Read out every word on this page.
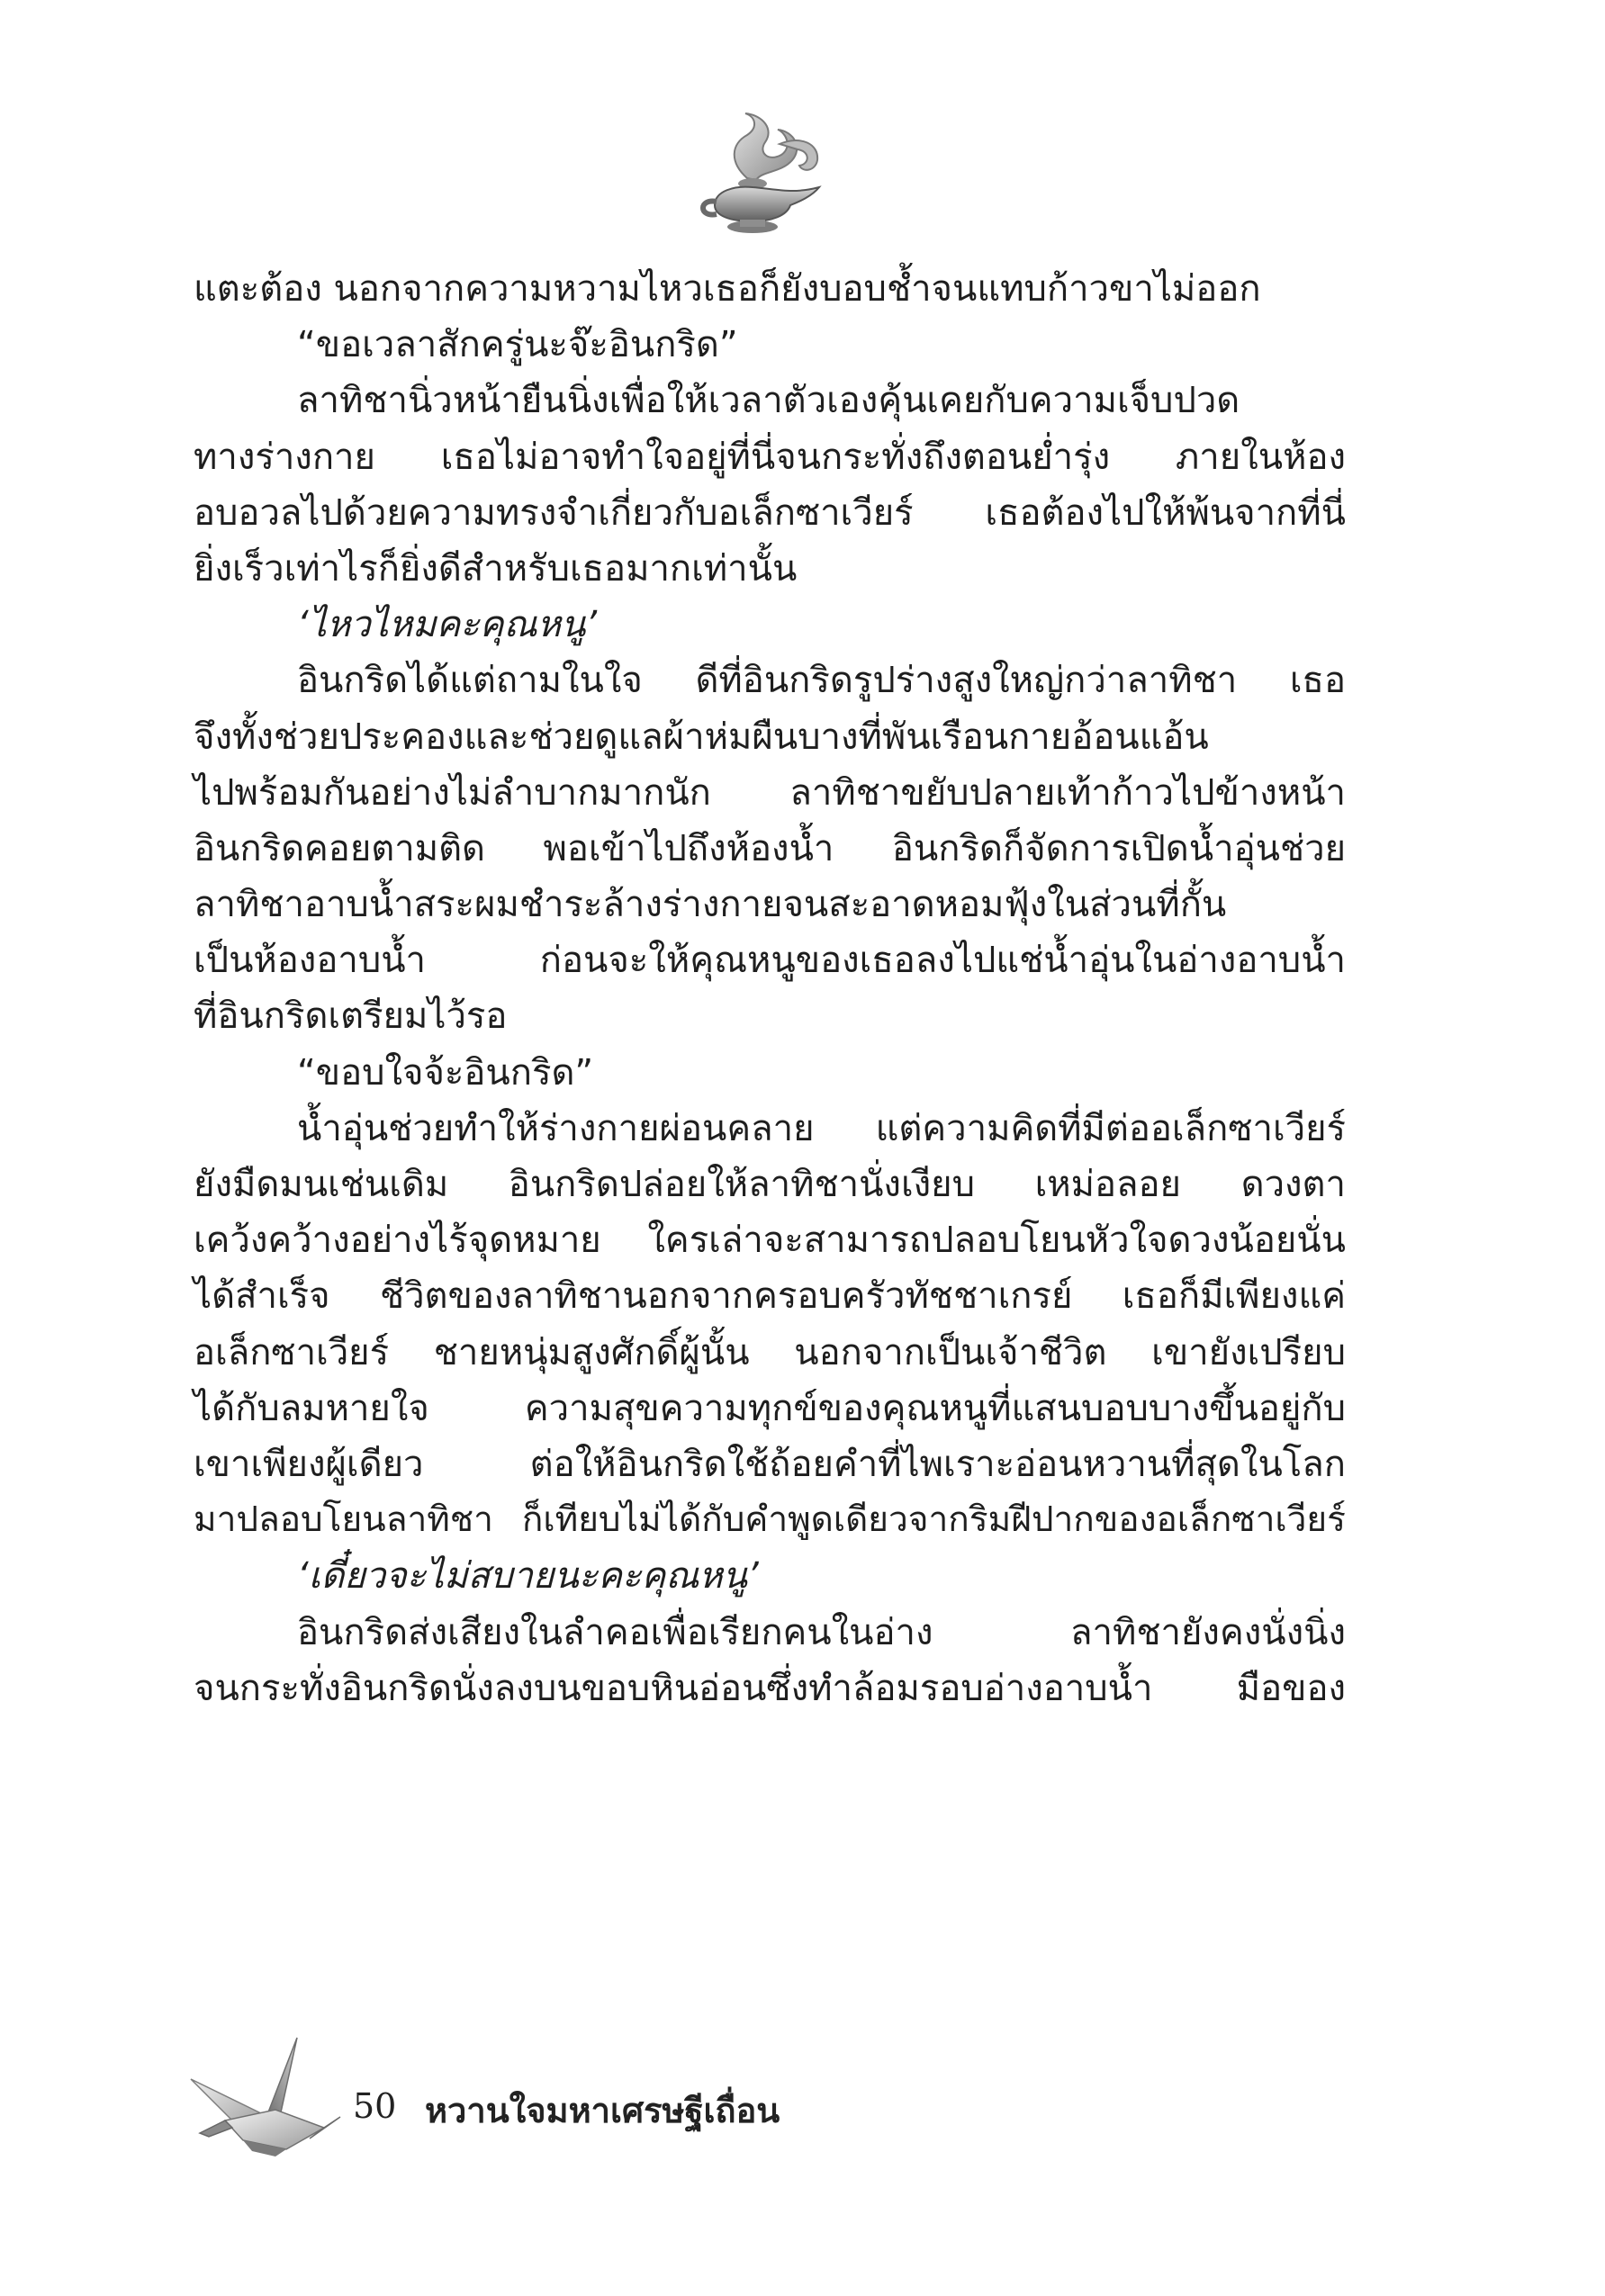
แตะต้อง นอกจากความหวามไหวเธอก็ยังบอบช้ำจนแทบก้าวขาไม่ออก
“ขอเวลาสักครู่นะจ๊ะอินกริด”
ลาทิชานิ่วหน้ายืนนิ่งเพื่อให้เวลาตัวเองคุ้นเคยกับความเจ็บปวด
ทางร่างกาย เธอไม่อาจทำใจอยู่ที่นี่จนกระทั่งถึงตอนย่ำรุ่ง ภายในห้อง
อบอวลไปด้วยความทรงจำเกี่ยวกับอเล็กซาเวียร์ เธอต้องไปให้พ้นจากที่นี่
ยิ่งเร็วเท่าไรก็ยิ่งดีสำหรับเธอมากเท่านั้น
‘ไหวไหมคะคุณหนู’
อินกริดได้แต่ถามในใจ ดีที่อินกริดรูปร่างสูงใหญ่กว่าลาทิชา เธอ
จึงทั้งช่วยประคองและช่วยดูแลผ้าห่มผืนบางที่พันเรือนกายอ้อนแอ้น
ไปพร้อมกันอย่างไม่ลำบากมากนัก ลาทิชาขยับปลายเท้าก้าวไปข้างหน้า
อินกริดคอยตามติด พอเข้าไปถึงห้องน้ำ อินกริดก็จัดการเปิดน้ำอุ่นช่วย
ลาทิชาอาบน้ำสระผมชำระล้างร่างกายจนสะอาดหอมฟุ้งในส่วนที่กั้น
เป็นห้องอาบน้ำ ก่อนจะให้คุณหนูของเธอลงไปแช่น้ำอุ่นในอ่างอาบน้ำ
ที่อินกริดเตรียมไว้รอ
“ขอบใจจ้ะอินกริด”
น้ำอุ่นช่วยทำให้ร่างกายผ่อนคลาย แต่ความคิดที่มีต่ออเล็กซาเวียร์
ยังมืดมนเช่นเดิม อินกริดปล่อยให้ลาทิชานั่งเงียบ เหม่อลอย ดวงตา
เคว้งคว้างอย่างไร้จุดหมาย ใครเล่าจะสามารถปลอบโยนหัวใจดวงน้อยนั่น
ได้สำเร็จ ชีวิตของลาทิชานอกจากครอบครัวทัชชาเกรย์ เธอก็มีเพียงแค่
อเล็กซาเวียร์ ชายหนุ่มสูงศักดิ์ผู้นั้น นอกจากเป็นเจ้าชีวิต เขายังเปรียบ
ได้กับลมหายใจ ความสุขความทุกข์ของคุณหนูที่แสนบอบบางขึ้นอยู่กับ
เขาเพียงผู้เดียว ต่อให้อินกริดใช้ถ้อยคำที่ไพเราะอ่อนหวานที่สุดในโลก
มาปลอบโยนลาทิชา ก็เทียบไม่ได้กับคำพูดเดียวจากริมฝีปากของอเล็กซาเวียร์
‘เดี๋ยวจะไม่สบายนะคะคุณหนู’
อินกริดส่งเสียงในลำคอเพื่อเรียกคนในอ่าง ลาทิชายังคงนั่งนิ่ง
จนกระทั่งอินกริดนั่งลงบนขอบหินอ่อนซึ่งทำล้อมรอบอ่างอาบน้ำ มือของ
50 หวานใจมหาเศรษฐีเถื่อน
